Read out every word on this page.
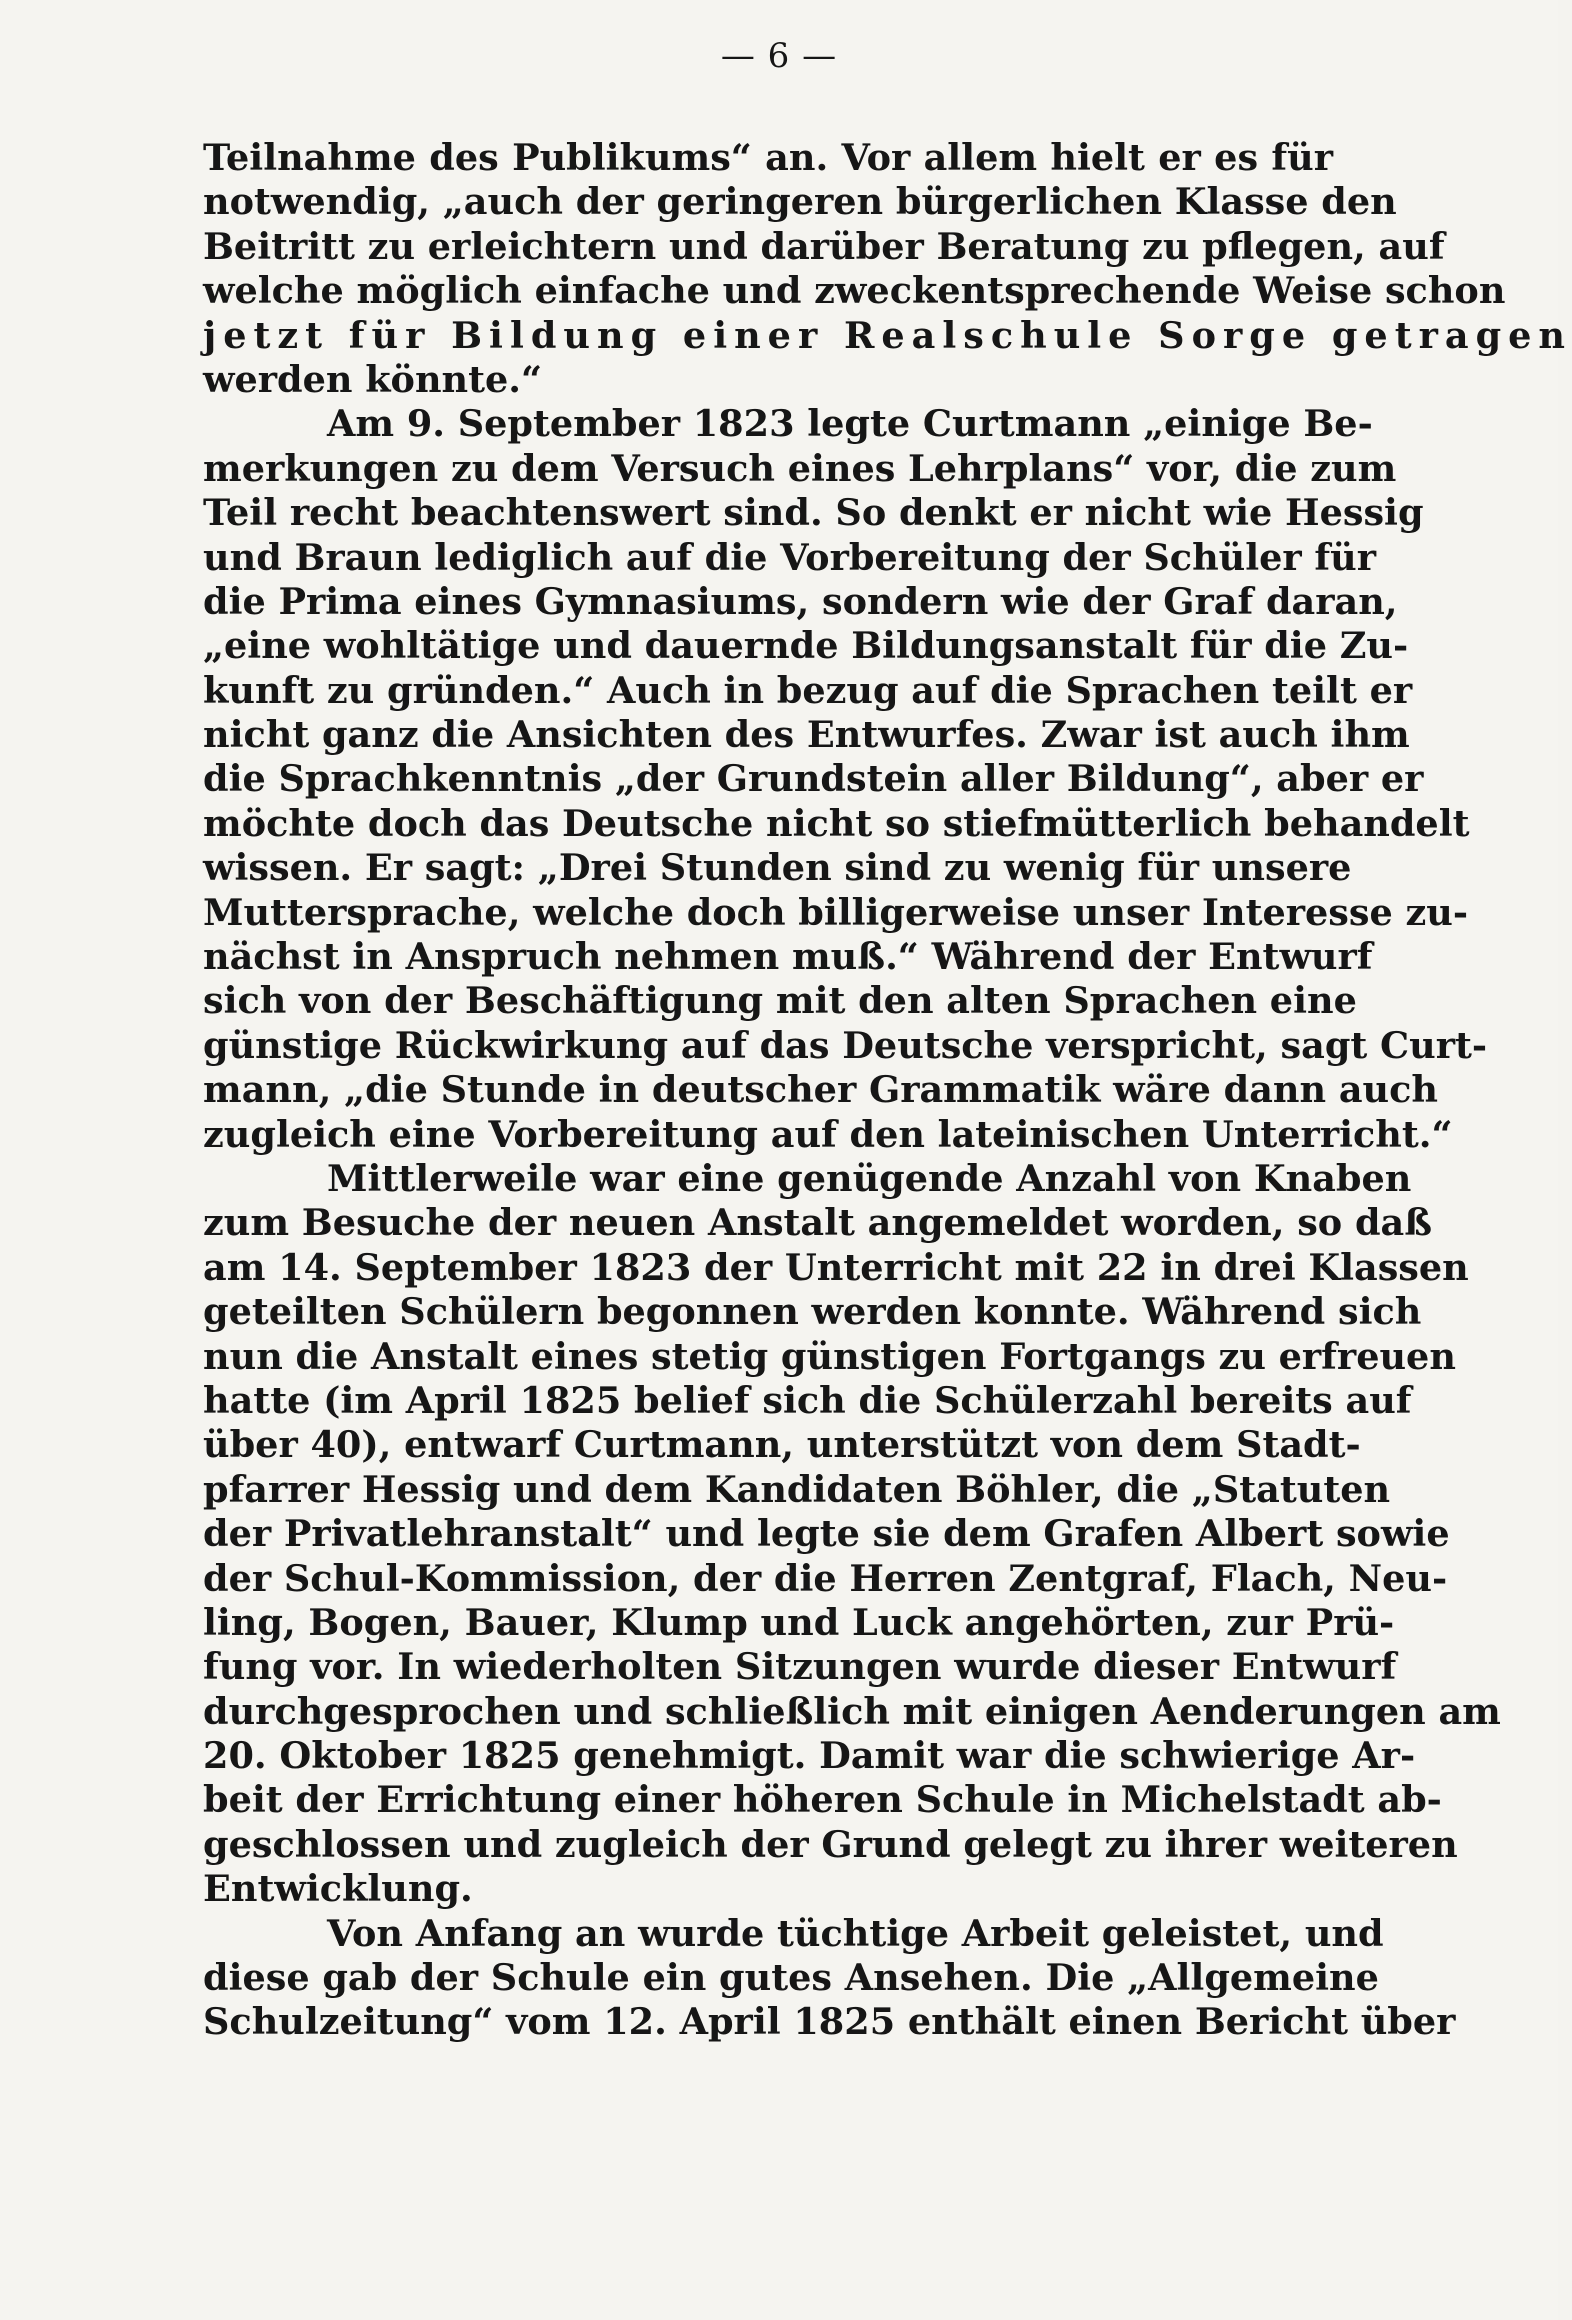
— 6 —
Teilnahme des Publikums“ an. Vor allem hielt er es für
notwendig, „auch der geringeren bürgerlichen Klasse den
Beitritt zu erleichtern und darüber Beratung zu pflegen, auf
welche möglich einfache und zweckentsprechende Weise schon
jetzt für Bildung einer Realschule Sorge getragen
werden könnte.“
Am 9. September 1823 legte Curtmann „einige Be-
merkungen zu dem Versuch eines Lehrplans“ vor, die zum
Teil recht beachtenswert sind. So denkt er nicht wie Hessig
und Braun lediglich auf die Vorbereitung der Schüler für
die Prima eines Gymnasiums, sondern wie der Graf daran,
„eine wohltätige und dauernde Bildungsanstalt für die Zu-
kunft zu gründen.“ Auch in bezug auf die Sprachen teilt er
nicht ganz die Ansichten des Entwurfes. Zwar ist auch ihm
die Sprachkenntnis „der Grundstein aller Bildung“, aber er
möchte doch das Deutsche nicht so stiefmütterlich behandelt
wissen. Er sagt: „Drei Stunden sind zu wenig für unsere
Muttersprache, welche doch billigerweise unser Interesse zu-
nächst in Anspruch nehmen muß.“ Während der Entwurf
sich von der Beschäftigung mit den alten Sprachen eine
günstige Rückwirkung auf das Deutsche verspricht, sagt Curt-
mann, „die Stunde in deutscher Grammatik wäre dann auch
zugleich eine Vorbereitung auf den lateinischen Unterricht.“
Mittlerweile war eine genügende Anzahl von Knaben
zum Besuche der neuen Anstalt angemeldet worden, so daß
am 14. September 1823 der Unterricht mit 22 in drei Klassen
geteilten Schülern begonnen werden konnte. Während sich
nun die Anstalt eines stetig günstigen Fortgangs zu erfreuen
hatte (im April 1825 belief sich die Schülerzahl bereits auf
über 40), entwarf Curtmann, unterstützt von dem Stadt-
pfarrer Hessig und dem Kandidaten Böhler, die „Statuten
der Privatlehranstalt“ und legte sie dem Grafen Albert sowie
der Schul-Kommission, der die Herren Zentgraf, Flach, Neu-
ling, Bogen, Bauer, Klump und Luck angehörten, zur Prü-
fung vor. In wiederholten Sitzungen wurde dieser Entwurf
durchgesprochen und schließlich mit einigen Aenderungen am
20. Oktober 1825 genehmigt. Damit war die schwierige Ar-
beit der Errichtung einer höheren Schule in Michelstadt ab-
geschlossen und zugleich der Grund gelegt zu ihrer weiteren
Entwicklung.
Von Anfang an wurde tüchtige Arbeit geleistet, und
diese gab der Schule ein gutes Ansehen. Die „Allgemeine
Schulzeitung“ vom 12. April 1825 enthält einen Bericht über
